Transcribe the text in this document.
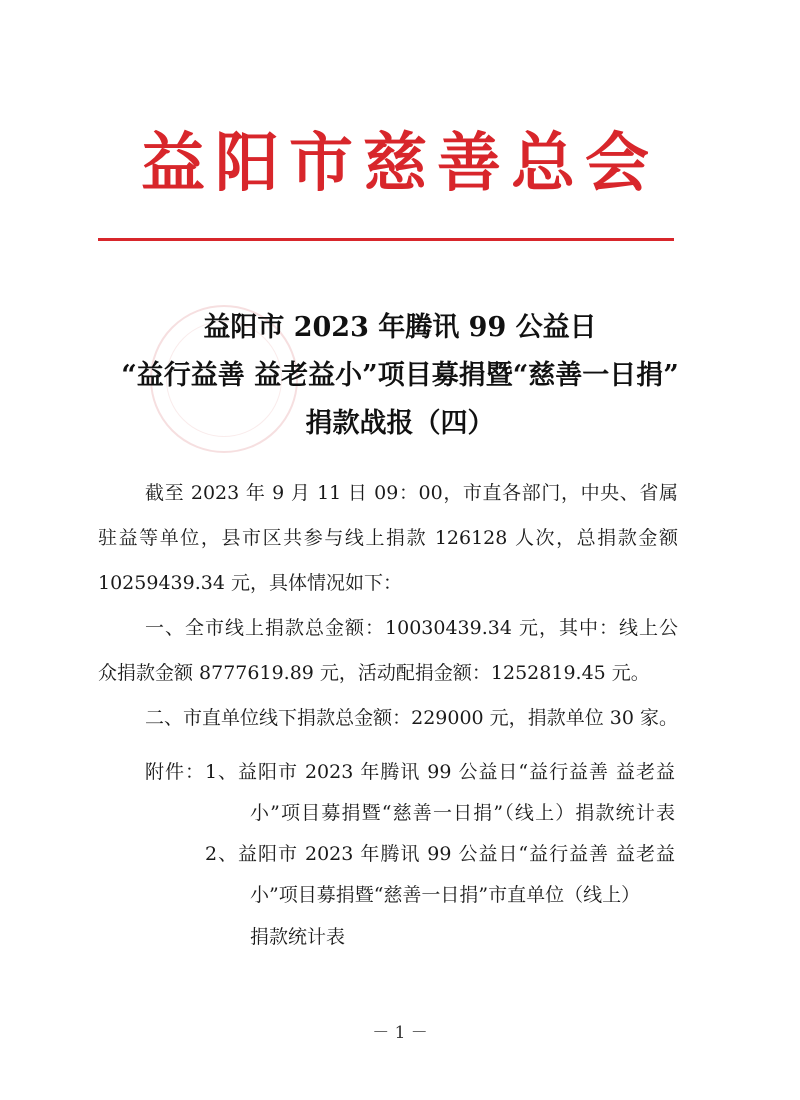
益阳市慈善总会
益阳市 2023 年腾讯 99 公益日
“益行益善 益老益小”项目募捐暨“慈善一日捐”
捐款战报（四）
截至 2023 年 9 月 11 日 09：00，市直各部门，中央、省属
驻益等单位，县市区共参与线上捐款 126128 人次，总捐款金额
10259439.34 元，具体情况如下：
一、全市线上捐款总金额：10030439.34 元，其中：线上公
众捐款金额 8777619.89 元，活动配捐金额：1252819.45 元。
二、市直单位线下捐款总金额：229000 元，捐款单位 30 家。
附件：1、益阳市 2023 年腾讯 99 公益日“益行益善 益老益
小”项目募捐暨“慈善一日捐”（线上）捐款统计表
2、益阳市 2023 年腾讯 99 公益日“益行益善 益老益
小”项目募捐暨“慈善一日捐”市直单位（线上）
捐款统计表
－ 1 －
